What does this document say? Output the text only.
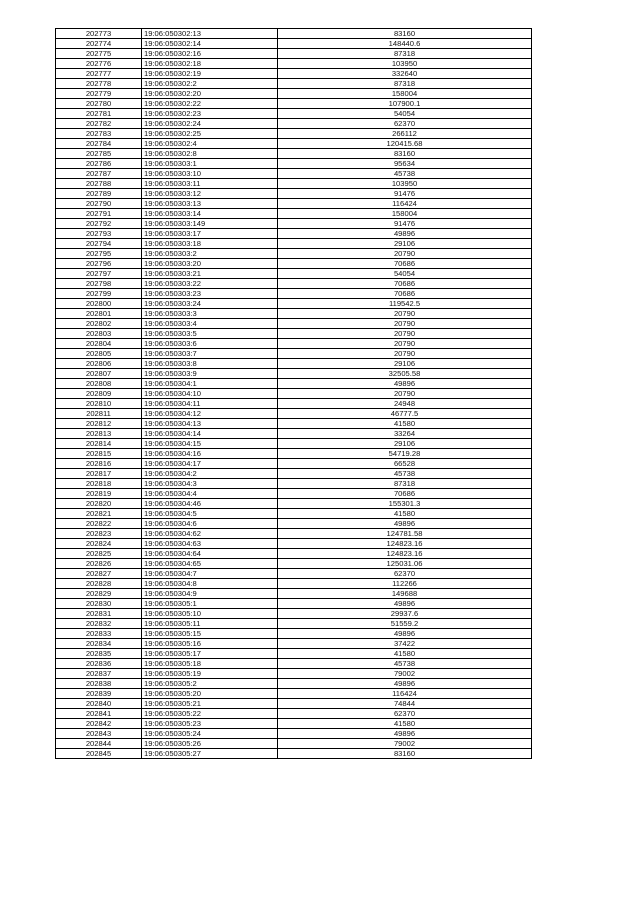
202773	19:06:050302:13	83160
202774	19:06:050302:14	148440.6
202775	19:06:050302:16	87318
202776	19:06:050302:18	103950
202777	19:06:050302:19	332640
202778	19:06:050302:2	87318
202779	19:06:050302:20	158004
202780	19:06:050302:22	107900.1
202781	19:06:050302:23	54054
202782	19:06:050302:24	62370
202783	19:06:050302:25	266112
202784	19:06:050302:4	120415.68
202785	19:06:050302:8	83160
202786	19:06:050303:1	95634
202787	19:06:050303:10	45738
202788	19:06:050303:11	103950
202789	19:06:050303:12	91476
202790	19:06:050303:13	116424
202791	19:06:050303:14	158004
202792	19:06:050303:149	91476
202793	19:06:050303:17	49896
202794	19:06:050303:18	29106
202795	19:06:050303:2	20790
202796	19:06:050303:20	70686
202797	19:06:050303:21	54054
202798	19:06:050303:22	70686
202799	19:06:050303:23	70686
202800	19:06:050303:24	119542.5
202801	19:06:050303:3	20790
202802	19:06:050303:4	20790
202803	19:06:050303:5	20790
202804	19:06:050303:6	20790
202805	19:06:050303:7	20790
202806	19:06:050303:8	29106
202807	19:06:050303:9	32505.58
202808	19:06:050304:1	49896
202809	19:06:050304:10	20790
202810	19:06:050304:11	24948
202811	19:06:050304:12	46777.5
202812	19:06:050304:13	41580
202813	19:06:050304:14	33264
202814	19:06:050304:15	29106
202815	19:06:050304:16	54719.28
202816	19:06:050304:17	66528
202817	19:06:050304:2	45738
202818	19:06:050304:3	87318
202819	19:06:050304:4	70686
202820	19:06:050304:46	155301.3
202821	19:06:050304:5	41580
202822	19:06:050304:6	49896
202823	19:06:050304:62	124781.58
202824	19:06:050304:63	124823.16
202825	19:06:050304:64	124823.16
202826	19:06:050304:65	125031.06
202827	19:06:050304:7	62370
202828	19:06:050304:8	112266
202829	19:06:050304:9	149688
202830	19:06:050305:1	49896
202831	19:06:050305:10	29937.6
202832	19:06:050305:11	51559.2
202833	19:06:050305:15	49896
202834	19:06:050305:16	37422
202835	19:06:050305:17	41580
202836	19:06:050305:18	45738
202837	19:06:050305:19	79002
202838	19:06:050305:2	49896
202839	19:06:050305:20	116424
202840	19:06:050305:21	74844
202841	19:06:050305:22	62370
202842	19:06:050305:23	41580
202843	19:06:050305:24	49896
202844	19:06:050305:26	79002
202845	19:06:050305:27	83160
